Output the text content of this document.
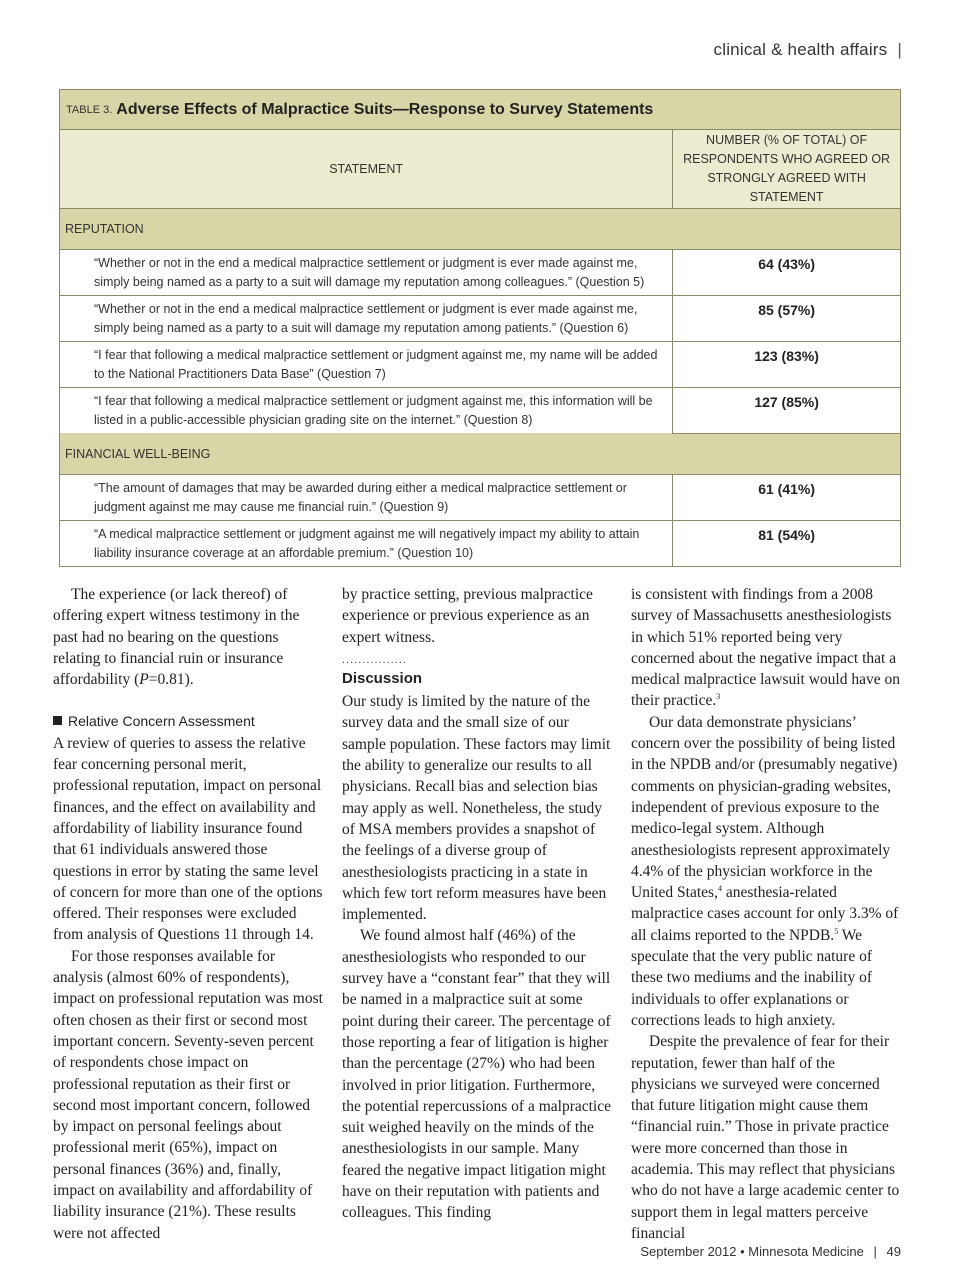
clinical & health affairs |
TABLE 3. Adverse Effects of Malpractice Suits—Response to Survey Statements
STATEMENT	NUMBER (% OF TOTAL) OF RESPONDENTS WHO AGREED OR STRONGLY AGREED WITH STATEMENT
REPUTATION	
“Whether or not in the end a medical malpractice settlement or judgment is ever made against me, simply being named as a party to a suit will damage my reputation among colleagues.” (Question 5)	64 (43%)
“Whether or not in the end a medical malpractice settlement or judgment is ever made against me, simply being named as a party to a suit will damage my reputation among patients.” (Question 6)	85 (57%)
“I fear that following a medical malpractice settlement or judgment against me, my name will be added to the National Practitioners Data Base” (Question 7)	123 (83%)
“I fear that following a medical malpractice settlement or judgment against me, this information will be listed in a public-accessible physician grading site on the internet.” (Question 8)	127 (85%)
FINANCIAL WELL-BEING	
“The amount of damages that may be awarded during either a medical malpractice settlement or judgment against me may cause me financial ruin.” (Question 9)	61 (41%)
“A medical malpractice settlement or judgment against me will negatively impact my ability to attain liability insurance coverage at an affordable premium.” (Question 10)	81 (54%)

The experience (or lack thereof) of offering expert witness testimony in the past had no bearing on the questions relating to financial ruin or insurance affordability (P=0.81).

Relative Concern Assessment

A review of queries to assess the relative fear concerning personal merit, professional reputation, impact on personal finances, and the effect on availability and affordability of liability insurance found that 61 individuals answered those questions in error by stating the same level of concern for more than one of the options offered. Their responses were excluded from analysis of Questions 11 through 14.

For those responses available for analysis (almost 60% of respondents), impact on professional reputation was most often chosen as their first or second most important concern. Seventy-seven percent of respondents chose impact on professional reputation as their first or second most important concern, followed by impact on personal feelings about professional merit (65%), impact on personal finances (36%) and, finally, impact on availability and affordability of liability insurance (21%). These results were not affected

by practice setting, previous malpractice experience or previous experience as an expert witness.

................
Discussion

Our study is limited by the nature of the survey data and the small size of our sample population. These factors may limit the ability to generalize our results to all physicians. Recall bias and selection bias may apply as well. Nonetheless, the study of MSA members provides a snapshot of the feelings of a diverse group of anesthesiologists practicing in a state in which few tort reform measures have been implemented.

We found almost half (46%) of the anesthesiologists who responded to our survey have a “constant fear” that they will be named in a malpractice suit at some point during their career. The percentage of those reporting a fear of litigation is higher than the percentage (27%) who had been involved in prior litigation. Furthermore, the potential repercussions of a malpractice suit weighed heavily on the minds of the anesthesiologists in our sample. Many feared the negative impact litigation might have on their reputation with patients and colleagues. This finding

is consistent with findings from a 2008 survey of Massachusetts anesthesiologists in which 51% reported being very concerned about the negative impact that a medical malpractice lawsuit would have on their practice.$^3$

Our data demonstrate physicians’ concern over the possibility of being listed in the NPDB and/or (presumably negative) comments on physician-grading websites, independent of previous exposure to the medico-legal system. Although anesthesiologists represent approximately 4.4% of the physician workforce in the United States,$^4$ anesthesia-related malpractice cases account for only 3.3% of all claims reported to the NPDB.$^5$ We speculate that the very public nature of these two mediums and the inability of individuals to offer explanations or corrections leads to high anxiety.

Despite the prevalence of fear for their reputation, fewer than half of the physicians we surveyed were concerned that future litigation might cause them “financial ruin.” Those in private practice were more concerned than those in academia. This may reflect that physicians who do not have a large academic center to support them in legal matters perceive financial

September 2012 • Minnesota Medicine | 49
